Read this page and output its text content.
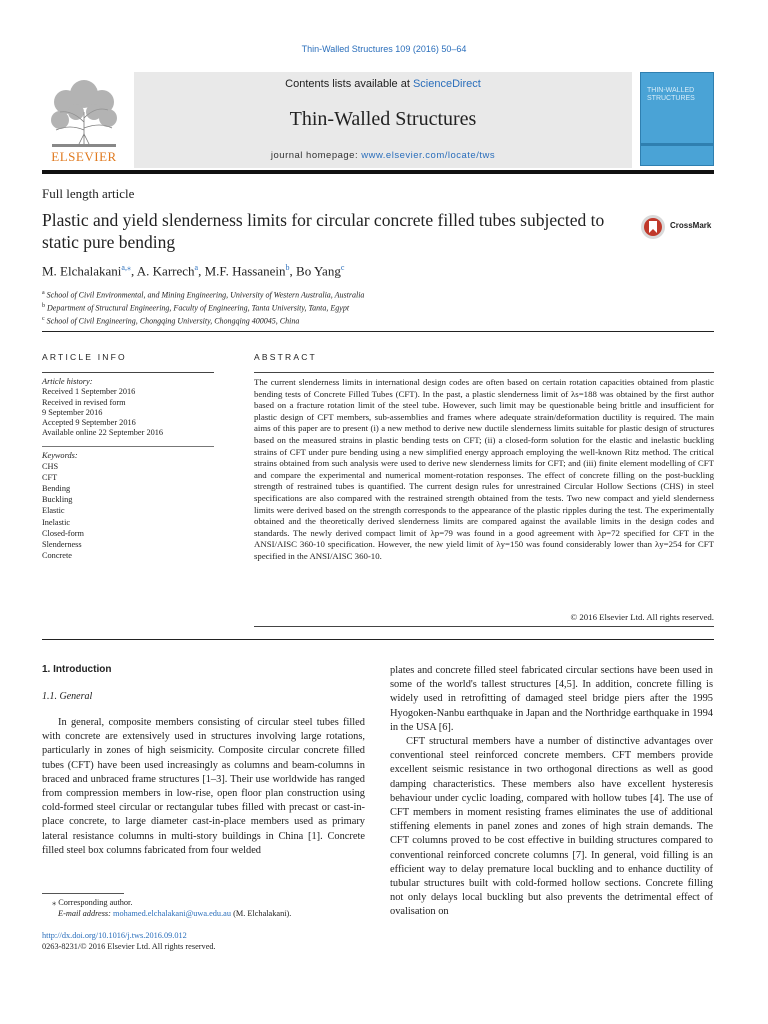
Thin-Walled Structures 109 (2016) 50–64
ELSEVIER
Contents lists available at ScienceDirect
Thin-Walled Structures
journal homepage: www.elsevier.com/locate/tws
THIN-WALLED
STRUCTURES
Full length article
Plastic and yield slenderness limits for circular concrete filled tubes subjected to static pure bending
CrossMark
M. Elchalakani$^{a,⁎}$, A. Karrech$^a$, M.F. Hassanein$^b$, Bo Yang$^c$
$^a$ School of Civil Environmental, and Mining Engineering, University of Western Australia, Australia
$^b$ Department of Structural Engineering, Faculty of Engineering, Tanta University, Tanta, Egypt
$^c$ School of Civil Engineering, Chongqing University, Chongqing 400045, China
ARTICLE INFO	ABSTRACT
Article history:
Received 1 September 2016
Received in revised form
9 September 2016
Accepted 9 September 2016
Available online 22 September 2016
Keywords:
CHS
CFT
Bending
Buckling
Elastic
Inelastic
Closed-form
Slenderness
Concrete
The current slenderness limits in international design codes are often based on certain rotation capacities obtained from plastic bending tests of Concrete Filled Tubes (CFT). In the past, a plastic slenderness limit of λs=188 was obtained by the first author based on a fracture rotation limit of the steel tube. However, such limit may be questionable being brittle and insufficient for plastic design of CFT members, sub-assemblies and frames where adequate strain/deformation ductility is required. The main aims of this paper are to present (i) a new method to derive new ductile slenderness limits suitable for plastic design of structures based on the measured strains in plastic bending tests on CFT; (ii) a closed-form solution for the elastic and inelastic buckling strains of CFT under pure bending using a new simplified energy approach employing the well-known Ritz method. The critical strains obtained from such analysis were used to derive new slenderness limits for CFT; and (iii) finite element modelling of CFT and compare the experimental and numerical moment-rotation responses. The effect of concrete filling on the post-buckling strength of restrained tubes is quantified. The current design rules for unrestrained Circular Hollow Sections (CHS) in steel specifications are also compared with the restrained strength obtained from the tests. Two new compact and yield slenderness limits were derived based on the strength corresponds to the appearance of the plastic ripples during the test. The experimentally obtained and the theoretically derived slenderness limits are compared against the available limits in the design codes and standards. The newly derived compact limit of λp=79 was found in a good agreement with λp=72 specified for CFT in the ANSI/AISC 360-10 specification. However, the new yield limit of λy=150 was found considerably lower than λy=254 for CFT specified in the ANSI/AISC 360-10.
© 2016 Elsevier Ltd. All rights reserved.
1. Introduction
1.1. General

In general, composite members consisting of circular steel tubes filled with concrete are extensively used in structures involving large rotations, particularly in zones of high seismicity. Composite circular concrete filled tubes (CFT) have been used increasingly as columns and beam-columns in braced and unbraced frame structures [1–3]. Their use worldwide has ranged from compression members in low-rise, open floor plan construction using cold-formed steel circular or rectangular tubes filled with precast or cast-in-place concrete, to large diameter cast-in-place members used as primary lateral resistance columns in multi-story buildings in China [1]. Concrete filled steel box columns fabricated from four welded

plates and concrete filled steel fabricated circular sections have been used in some of the world's tallest structures [4,5]. In addition, concrete filling is widely used in retrofitting of damaged steel bridge piers after the 1995 Hyogoken-Nanbu earthquake in Japan and the Northridge earthquake in 1994 in the USA [6].

CFT structural members have a number of distinctive advantages over conventional steel reinforced concrete members. CFT members provide excellent seismic resistance in two orthogonal directions as well as good damping characteristics. These members also have excellent hysteresis behaviour under cyclic loading, compared with hollow tubes [4]. The use of CFT members in moment resisting frames eliminates the use of additional stiffening elements in panel zones and zones of high strain demands. The CFT columns proved to be cost effective in building structures compared to conventional reinforced concrete columns [7]. In general, void filling is an efficient way to delay premature local buckling and to enhance ductility of tubular structures built with cold-formed hollow sections. Concrete filling not only delays local buckling but also prevents the detrimental effect of ovalisation on

⁎ Corresponding author.
E-mail address: mohamed.elchalakani@uwa.edu.au (M. Elchalakani).
http://dx.doi.org/10.1016/j.tws.2016.09.012
0263-8231/© 2016 Elsevier Ltd. All rights reserved.
